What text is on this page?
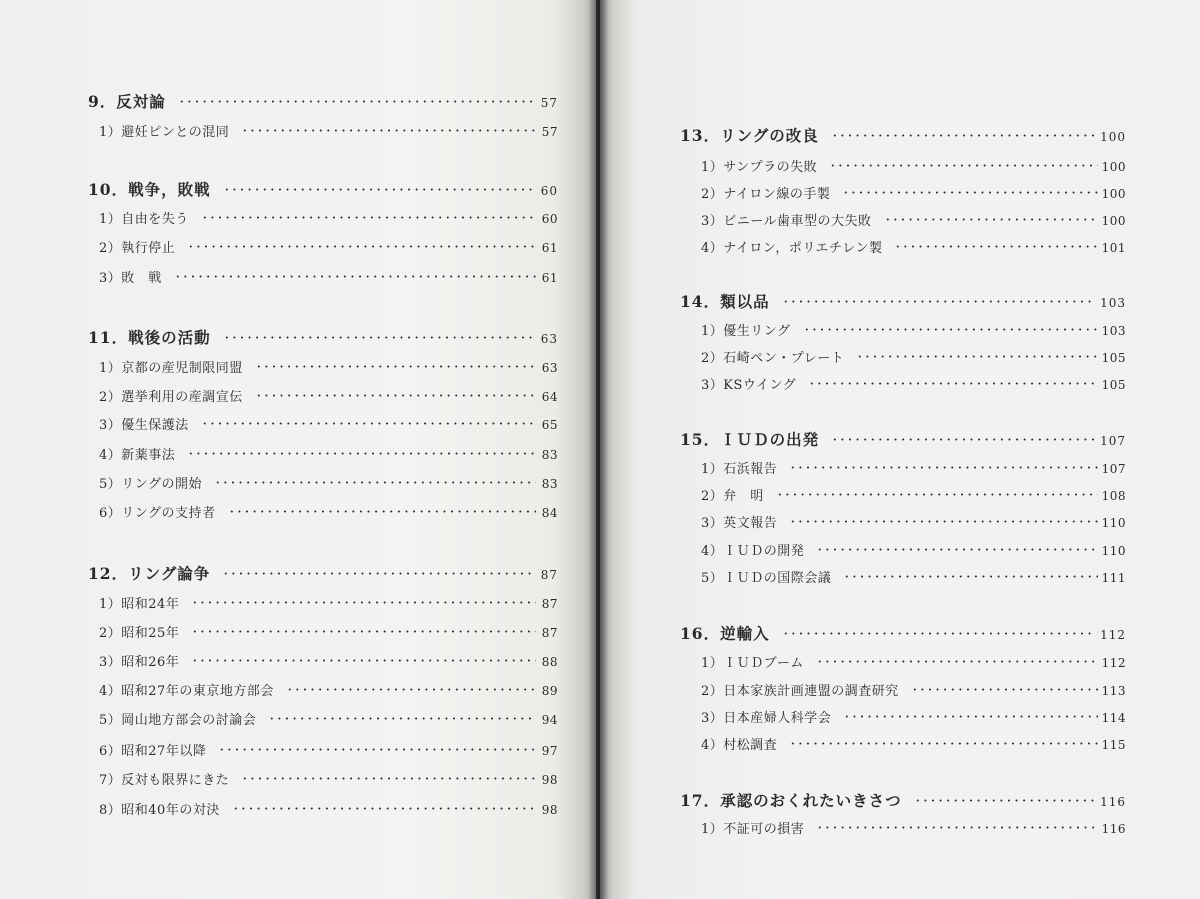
9．反対論	57
1）避妊ピンとの混同	57
10．戦争，敗戦	60
1）自由を失う	60
2）執行停止	61
3）敗　戦	61
11．戦後の活動	63
1）京都の産児制限同盟	63
2）選挙利用の産調宣伝	64
3）優生保護法	65
4）新薬事法	83
5）リングの開始	83
6）リングの支持者	84
12．リング論争	87
1）昭和24年	87
2）昭和25年	87
3）昭和26年	88
4）昭和27年の東京地方部会	89
5）岡山地方部会の討論会	94
6）昭和27年以降	97
7）反対も限界にきた	98
8）昭和40年の対決	98
13．リングの改良	100
1）サンプラの失敗	100
2）ナイロン線の手製	100
3）ビニール歯車型の大失敗	100
4）ナイロン，ポリエチレン製	101
14．類以品	103
1）優生リング	103
2）石崎ペン・プレート	105
3）KSウイング	105
15．ＩＵＤの出発	107
1）石浜報告	107
2）弁　明	108
3）英文報告	110
4）ＩＵＤの開発	110
5）ＩＵＤの国際会議	111
16．逆輸入	112
1）ＩＵＤブーム	112
2）日本家族計画連盟の調査研究	113
3）日本産婦人科学会	114
4）村松調査	115
17．承認のおくれたいきさつ	116
1）不証可の損害	116
